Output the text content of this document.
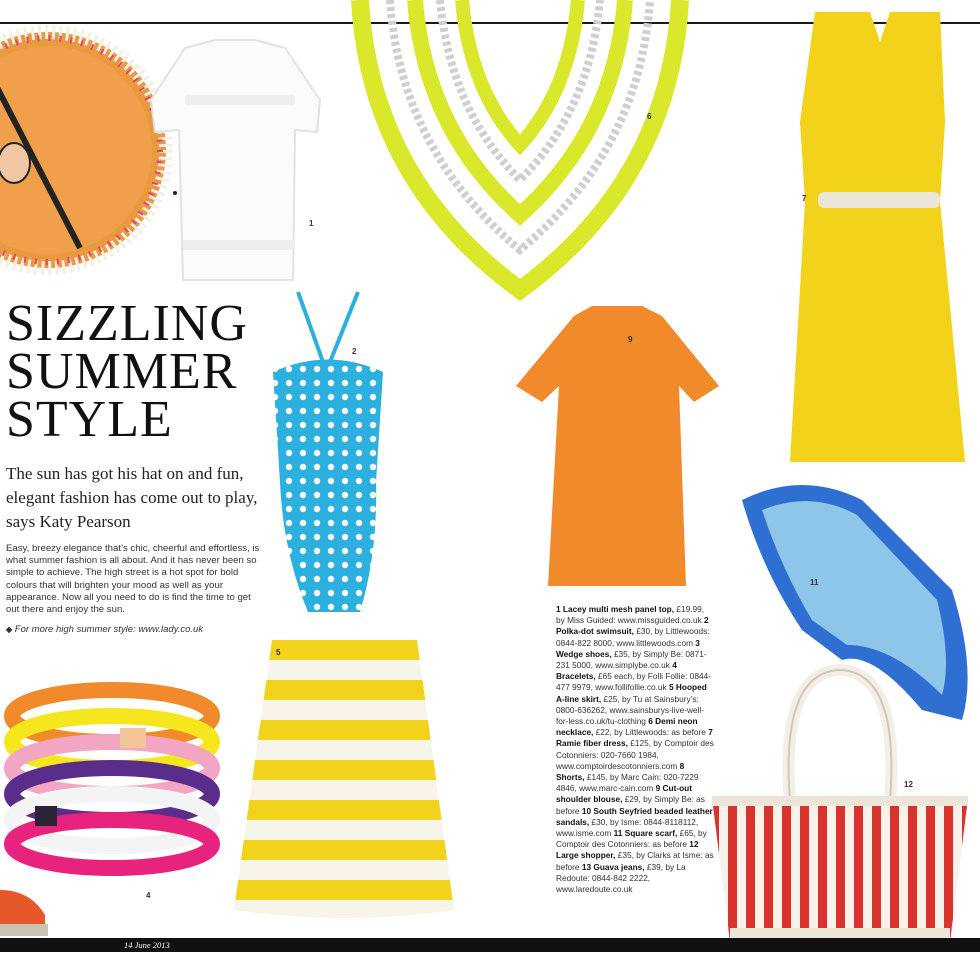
1
6
7
SIZZLING
SUMMER
STYLE
The sun has got his hat on and fun, elegant fashion has come out to play, says Katy Pearson
Easy, breezy elegance that’s chic, cheerful and effortless, is what summer fashion is all about. And it has never been so simple to achieve. The high street is a hot spot for bold colours that will brighten your mood as well as your appearance. Now all you need to do is find the time to get out there and enjoy the sun.
◆ For more high summer style: www.lady.co.uk
2
9
11
1 Lacey multi mesh panel top, £19.99, by Miss Guided: www.missguided.co.uk 2 Polka-dot swimsuit, £30, by Littlewoods: 0844-822 8000, www.littlewoods.com 3 Wedge shoes, £35, by Simply Be: 0871-231 5000, www.simplybe.co.uk 4 Bracelets, £65 each, by Folli Follie: 0844-477 9979, www.follifollie.co.uk 5 Hooped A-line skirt, £25, by Tu at Sainsbury’s: 0800-636262, www.sainsburys-live-well-for-less.co.uk/tu-clothing 6 Demi neon necklace, £22, by Littlewoods: as before 7 Ramie fiber dress, £125, by Comptoir des Cotonniers: 020-7660 1984, www.comptoirdescotonniers.com 8 Shorts, £145, by Marc Cain: 020-7229 4846, www.marc-cain.com 9 Cut-out shoulder blouse, £29, by Simply Be: as before 10 South Seyfried beaded leather sandals, £30, by Isme: 0844-8118112, www.isme.com 11 Square scarf, £65, by Comptoir des Cotonniers: as before 12 Large shopper, £35, by Clarks at Isme: as before 13 Guava jeans, £39, by La Redoute: 0844-842 2222, www.laredoute.co.uk
4
5
12
14 June 2013
